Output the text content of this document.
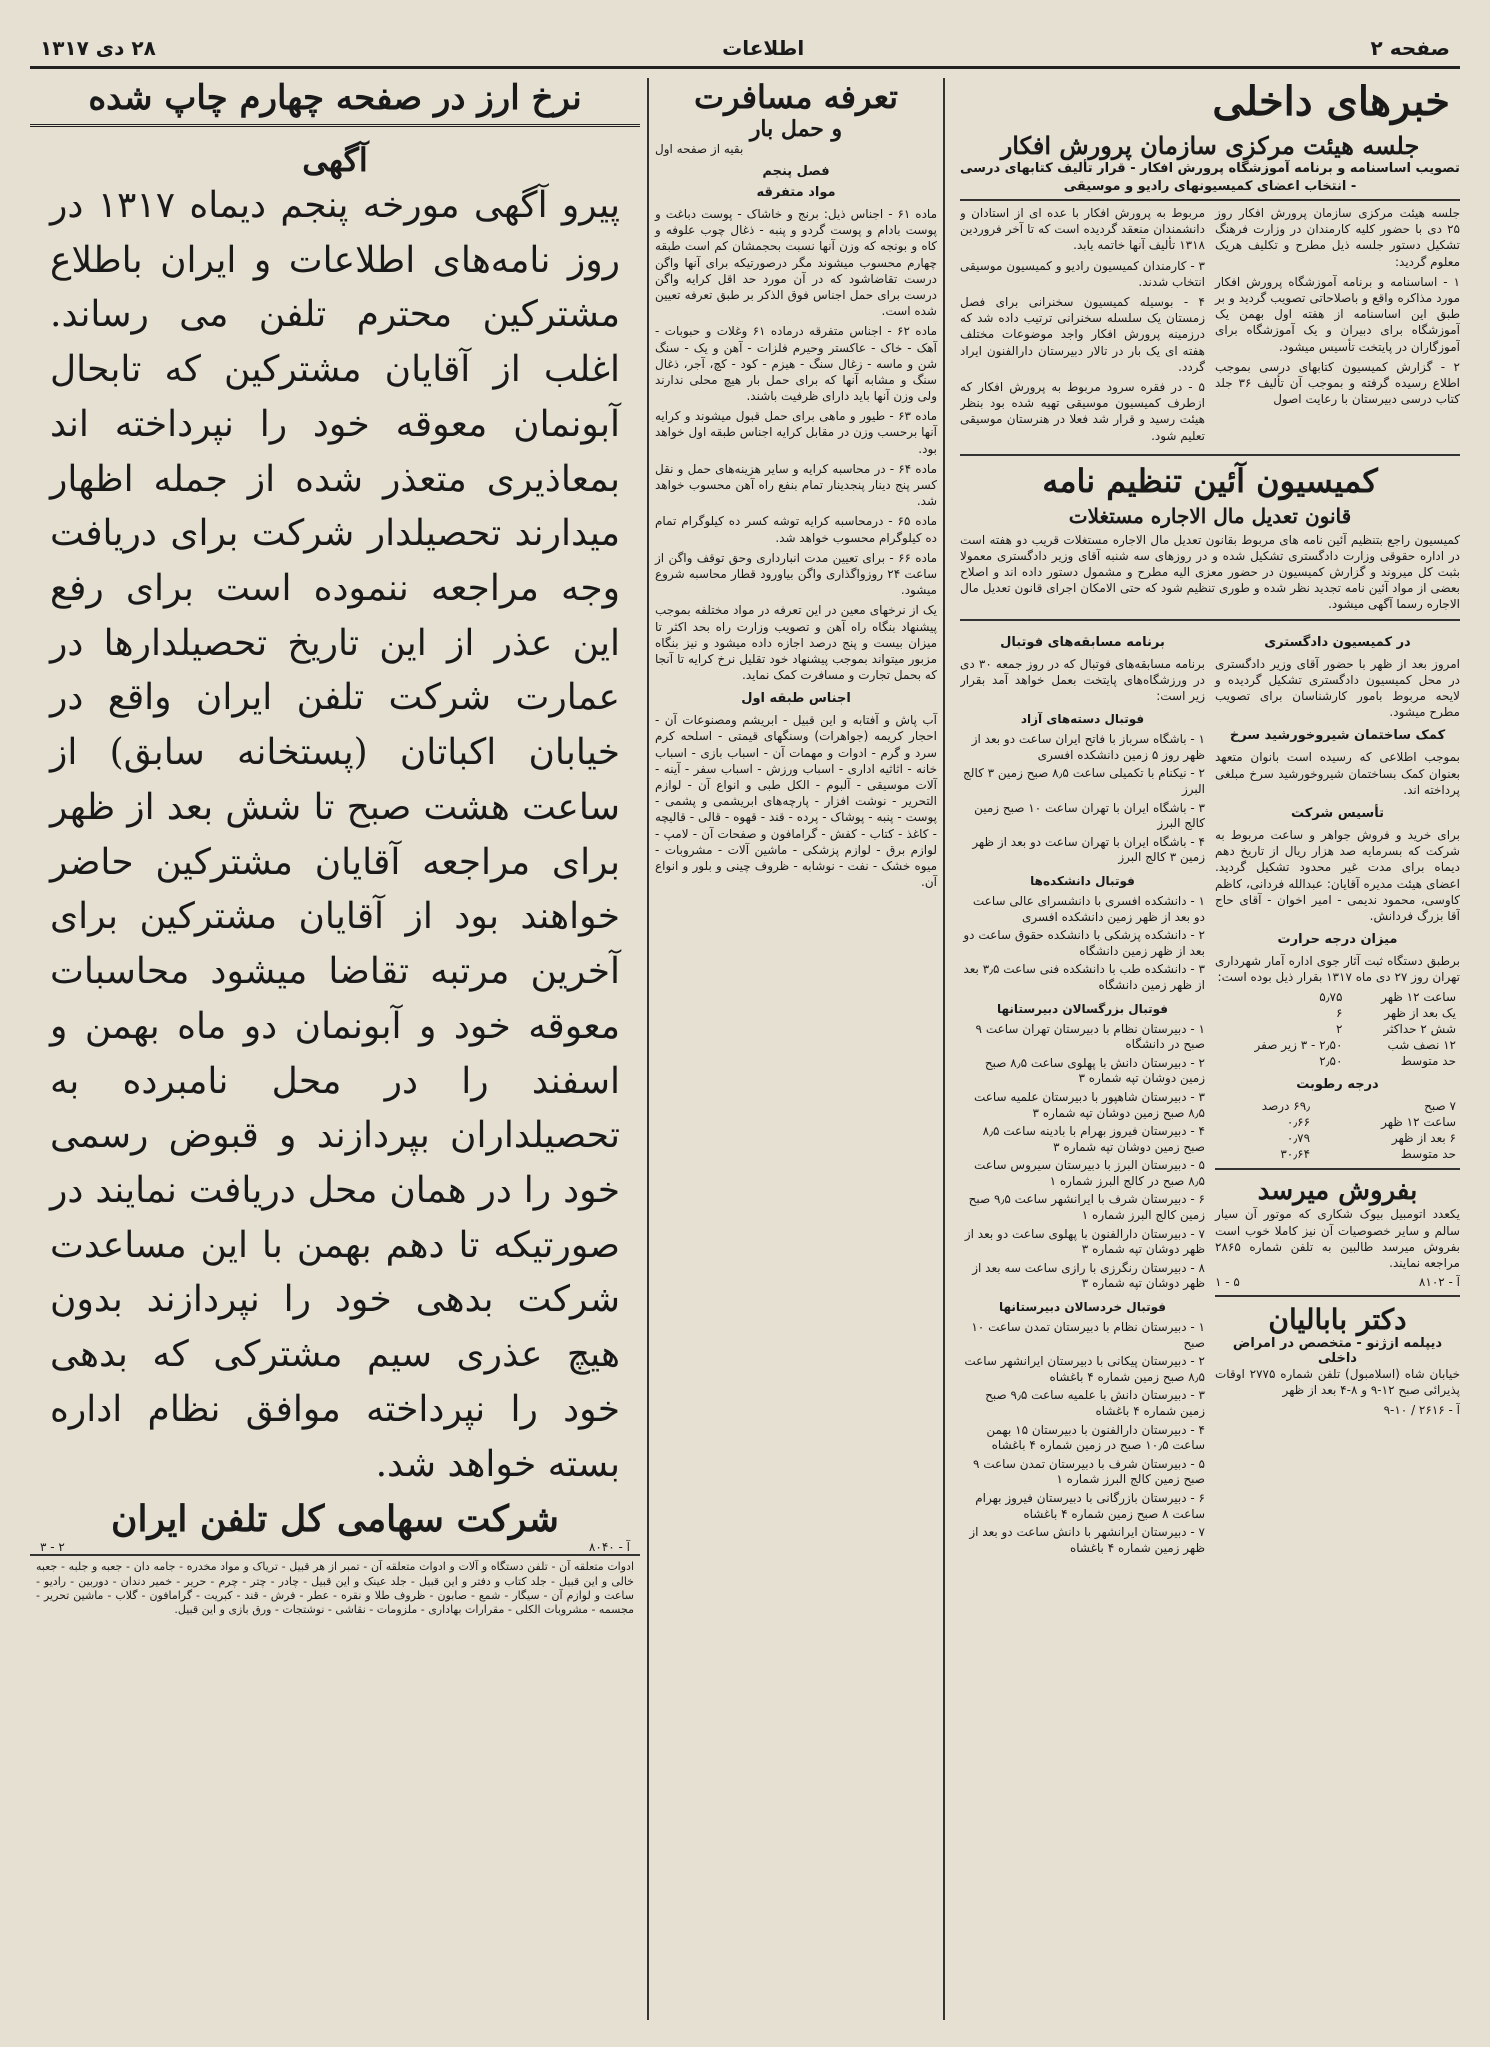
صفحه ۲
اطلاعات
۲۸ دی ۱۳۱۷
خبرهای داخلی
جلسه هیئت مرکزی سازمان پرورش افکار
تصویب اساسنامه و برنامه آموزشگاه پرورش افکار - قرار تألیف کتابهای درسی - انتخاب اعضای کمیسیونهای رادیو و موسیقی

جلسه هیئت مرکزی سازمان پرورش افکار روز ۲۵ دی با حضور کلیه کارمندان در وزارت فرهنگ تشکیل دستور جلسه ذیل مطرح و تکلیف هریک معلوم گردید:

۱ - اساسنامه و برنامه آموزشگاه پرورش افکار مورد مذاکره واقع و باصلاحاتی تصویب گردید و بر طبق این اساسنامه از هفته اول بهمن یک آموزشگاه برای دبیران و یک آموزشگاه برای آموزگاران در پایتخت تأسیس میشود.

۲ - گزارش کمیسیون کتابهای درسی بموجب اطلاع رسیده گرفته و بموجب آن تألیف ۳۶ جلد کتاب درسی دبیرستان با رعایت اصول

مربوط به پرورش افکار با عده ای از استادان و دانشمندان منعقد گردیده است که تا آخر فروردین ۱۳۱۸ تألیف آنها خاتمه یابد.

۳ - کارمندان کمیسیون رادیو و کمیسیون موسیقی انتخاب شدند.

۴ - بوسیله کمیسیون سخنرانی برای فصل زمستان یک سلسله سخنرانی ترتیب داده شد که درزمینه پرورش افکار واجد موضوعات مختلف هفته ای یک بار در تالار دبیرستان دارالفنون ایراد گردد.

۵ - در فقره سرود مربوط به پرورش افکار که ازطرف کمیسیون موسیقی تهیه شده بود بنظر هیئت رسید و قرار شد فعلا در هنرستان موسیقی تعلیم شود.

کمیسیون آئین تنظیم نامه
قانون تعدیل مال الاجاره مستغلات

کمیسیون راجع بتنظیم آئین نامه های مربوط بقانون تعدیل مال الاجاره مستغلات قریب دو هفته است در اداره حقوقی وزارت دادگستری تشکیل شده و در روزهای سه شنبه آقای وزیر دادگستری معمولا بثبت کل میروند و گزارش کمیسیون در حضور معزی الیه مطرح و مشمول دستور داده اند و اصلاح بعضی از مواد آئین نامه تجدید نظر شده و طوری تنظیم شود که حتی الامکان اجرای قانون تعدیل مال الاجاره رسما آگهی میشود.

در کمیسیون دادگستری

امروز بعد از ظهر با حضور آقای وزیر دادگستری در محل کمیسیون دادگستری تشکیل گردیده و لایحه مربوط بامور کارشناسان برای تصویب مطرح میشود.

کمک ساختمان شیروخورشید سرخ

بموجب اطلاعی که رسیده است بانوان متعهد بعنوان کمک بساختمان شیروخورشید سرخ مبلغی پرداخته اند.

تأسیس شرکت

برای خرید و فروش جواهر و ساعت مربوط به شرکت که بسرمایه صد هزار ریال از تاریخ دهم دیماه برای مدت غیر محدود تشکیل گردید. اعضای هیئت مدیره آقایان: عبدالله فردانی، کاظم کاوسی، محمود ندیمی - امیر اخوان - آقای حاج آقا بزرگ فردانش.

میزان درجه حرارت

برطبق دستگاه ثبت آثار جوی اداره آمار شهرداری تهران روز ۲۷ دی ماه ۱۳۱۷ بقرار ذیل بوده است:

ساعت ۱۲ ظهر	۵٫۷۵
یک بعد از ظهر	۶
شش ۲ حداکثر	۲
۱۲ نصف شب	۲٫۵۰ - ۳ زیر صفر
حد متوسط	۲٫۵۰
درجه رطوبت
۷ صبح	۶۹٫ درصد
ساعت ۱۲ ظهر	۰٫۶۶
۶ بعد از ظهر	۰٫۷۹
حد متوسط	۳۰٫۶۴
بفروش میرسد

یکعدد اتومبیل بیوک شکاری که موتور آن سیار سالم و سایر خصوصیات آن نیز کاملا خوب است بفروش میرسد طالبین به تلفن شماره ۲۸۶۵ مراجعه نمایند.

آ - ۸۱۰۲
۵ - ۱
دکتر بابالیان
دیپلمه ازژنو - متخصص در امراض داخلی

خیابان شاه (اسلامبول) تلفن شماره ۲۷۷۵ اوقات پذیرائی صبح ۱۲-۹ و ۸-۴ بعد از ظهر

آ - ۲۶۱۶ / ۱۰-۹
برنامه مسابقه‌های فوتبال

برنامه مسابقه‌های فوتبال که در روز جمعه ۳۰ دی در ورزشگاه‌های پایتخت بعمل خواهد آمد بقرار زیر است:

فوتبال دسته‌های آزاد
۱ - باشگاه سرباز با فاتح ایران ساعت دو بعد از ظهر روز ۵ زمین دانشکده افسری
۲ - نیکنام با تکمیلی ساعت ۸٫۵ صبح زمین ۳ کالج البرز
۳ - باشگاه ایران با تهران ساعت ۱۰ صبح زمین کالج البرز
۴ - باشگاه ایران با تهران ساعت دو بعد از ظهر زمین ۳ کالج البرز
فوتبال دانشکده‌ها
۱ - دانشکده افسری با دانشسرای عالی ساعت دو بعد از ظهر زمین دانشکده افسری
۲ - دانشکده پزشکی با دانشکده حقوق ساعت دو بعد از ظهر زمین دانشگاه
۳ - دانشکده طب با دانشکده فنی ساعت ۳٫۵ بعد از ظهر زمین دانشگاه
فوتبال بزرگسالان دبیرستانها
۱ - دبیرستان نظام با دبیرستان تهران ساعت ۹ صبح در دانشگاه
۲ - دبیرستان دانش با پهلوی ساعت ۸٫۵ صبح زمین دوشان تپه شماره ۳
۳ - دبیرستان شاهپور با دبیرستان علمیه ساعت ۸٫۵ صبح زمین دوشان تپه شماره ۳
۴ - دبیرستان فیروز بهرام با بادینه ساعت ۸٫۵ صبح زمین دوشان تپه شماره ۳
۵ - دبیرستان البرز با دبیرستان سیروس ساعت ۸٫۵ صبح در کالج البرز شماره ۱
۶ - دبیرستان شرف با ایرانشهر ساعت ۹٫۵ صبح زمین کالج البرز شماره ۱
۷ - دبیرستان دارالفنون با پهلوی ساعت دو بعد از ظهر دوشان تپه شماره ۳
۸ - دبیرستان رنگرزی با رازی ساعت سه بعد از ظهر دوشان تپه شماره ۳
فوتبال خردسالان دبیرستانها
۱ - دبیرستان نظام با دبیرستان تمدن ساعت ۱۰ صبح
۲ - دبیرستان پیکانی با دبیرستان ایرانشهر ساعت ۸٫۵ صبح زمین شماره ۴ باغشاه
۳ - دبیرستان دانش با علمیه ساعت ۹٫۵ صبح زمین شماره ۴ باغشاه
۴ - دبیرستان دارالفنون با دبیرستان ۱۵ بهمن ساعت ۱۰٫۵ صبح در زمین شماره ۴ باغشاه
۵ - دبیرستان شرف با دبیرستان تمدن ساعت ۹ صبح زمین کالج البرز شماره ۱
۶ - دبیرستان بازرگانی با دبیرستان فیروز بهرام ساعت ۸ صبح زمین شماره ۴ باغشاه
۷ - دبیرستان ایرانشهر با دانش ساعت دو بعد از ظهر زمین شماره ۴ باغشاه
تعرفه مسافرت
و حمل بار
بقیه از صفحه اول
فصل پنجم
مواد متفرقه

ماده ۶۱ - اجناس ذیل: برنج و خاشاک - پوست دباغت و پوست بادام و پوست گردو و پنبه - ذغال چوب علوفه و کاه و بونجه که وزن آنها نسبت بحجمشان کم است طبقه چهارم محسوب میشوند مگر درصورتیکه برای آنها واگن درست تقاضاشود که در آن مورد حد اقل کرایه واگن درست برای حمل اجناس فوق الذکر بر طبق تعرفه تعیین شده است.

ماده ۶۲ - اجناس متفرقه درماده ۶۱ وغلات و حبوبات - آهک - خاک - عاکستر وحیرم فلزات - آهن و یک - سنگ شن و ماسه - زغال سنگ - هیزم - کود - کچ، آجر، ذغال سنگ و مشابه آنها که برای حمل بار هیچ محلی ندارند ولی وزن آنها باید دارای ظرفیت باشند.

ماده ۶۳ - طیور و ماهی برای حمل قبول میشوند و کرایه آنها برحسب وزن در مقابل کرایه اجناس طبقه اول خواهد بود.

ماده ۶۴ - در محاسبه کرایه و سایر هزینه‌های حمل و نقل کسر پنج دینار پنجدینار تمام بنفع راه آهن محسوب خواهد شد.

ماده ۶۵ - درمحاسبه کرایه توشه کسر ده کیلوگرام تمام ده کیلوگرام محسوب خواهد شد.

ماده ۶۶ - برای تعیین مدت انبارداری وحق توقف واگن از ساعت ۲۴ روزواگذاری واگن بیاورود قطار محاسبه شروع میشود.

یک از نرخهای معین در این تعرفه در مواد مختلفه بموجب پیشنهاد بنگاه راه آهن و تصویب وزارت راه بحد اکثر تا میزان بیست و پنج درصد اجازه داده میشود و نیز بنگاه مزبور میتواند بموجب پیشنهاد خود تقلیل نرخ کرایه تا آنجا که بحمل تجارت و مسافرت کمک نماید.

اجناس طبقه اول

آب پاش و آفتابه و این قبیل - ابریشم ومصنوعات آن - احجار کریمه (جواهرات) وسنگهای قیمتی - اسلحه کرم سرد و گرم - ادوات و مهمات آن - اسباب بازی - اسباب خانه - اثاثیه اداری - اسباب ورزش - اسباب سفر - آینه - آلات موسیقی - آلبوم - الکل طبی و انواع آن - لوازم التحریر - نوشت افزار - پارچه‌های ابریشمی و پشمی - پوست - پنبه - پوشاک - پرده - قند - قهوه - قالی - قالیچه - کاغذ - کتاب - کفش - گرامافون و صفحات آن - لامپ - لوازم برق - لوازم پزشکی - ماشین آلات - مشروبات - میوه خشک - نفت - نوشابه - ظروف چینی و بلور و انواع آن.

نرخ ارز در صفحه چهارم چاپ شده
آگهی

پیرو آگهی مورخه پنجم دیماه ۱۳۱۷ در روز نامه‌های اطلاعات و ایران باطلاع مشترکین محترم تلفن می رساند. اغلب از آقایان مشترکین که تابحال آبونمان معوقه خود را نپرداخته اند بمعاذیری متعذر شده از جمله اظهار میدارند تحصیلدار شرکت برای دریافت وجه مراجعه ننموده است برای رفع این عذر از این تاریخ تحصیلدارها در عمارت شرکت تلفن ایران واقع در خیابان اکباتان (پستخانه سابق) از ساعت هشت صبح تا شش بعد از ظهر برای مراجعه آقایان مشترکین حاضر خواهند بود از آقایان مشترکین برای آخرین مرتبه تقاضا میشود محاسبات معوقه خود و آبونمان دو ماه بهمن و اسفند را در محل نامبرده به تحصیلداران بپردازند و قبوض رسمی خود را در همان محل دریافت نمایند در صورتیکه تا دهم بهمن با این مساعدت شرکت بدهی خود را نپردازند بدون هیچ عذری سیم مشترکی که بدهی خود را نپرداخته موافق نظام اداره بسته خواهد شد.

شرکت سهامی کل تلفن ایران
آ - ۸۰۴۰
۲ - ۳

ادوات متعلقه آن - تلفن دستگاه و آلات و ادوات متعلقه آن - تمبر از هر قبیل - تریاک و مواد مخدره - جامه دان - جعبه و جلبه - جعبه خالی و این قبیل - جلد کتاب و دفتر و این قبیل - جلد عینک و این قبیل - چادر - چتر - چرم - حریر - خمیر دندان - دوربین - رادیو - ساعت و لوازم آن - سیگار - شمع - صابون - ظروف طلا و نقره - عطر - فرش - قند - کبریت - گرامافون - گلاب - ماشین تحریر - مجسمه - مشروبات الکلی - مقرارات بهاداری - ملزومات - نقاشی - نوشتجات - ورق بازی و این قبیل.
